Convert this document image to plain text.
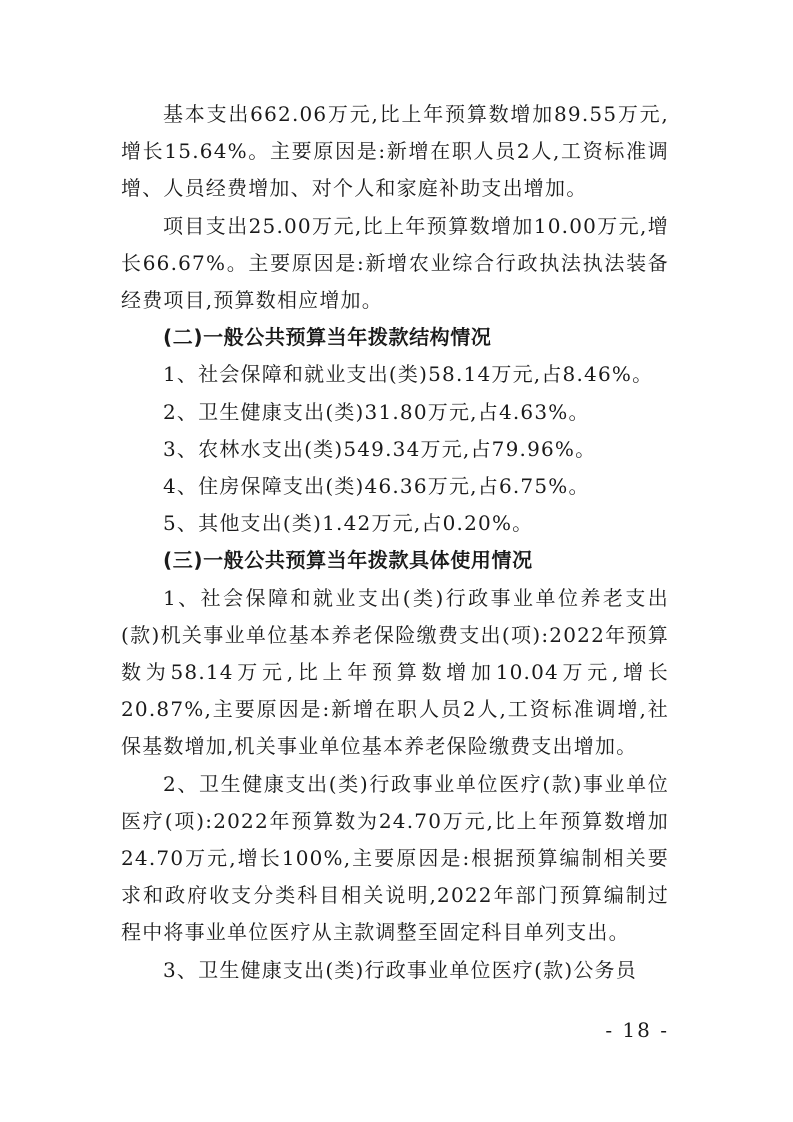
基本支出662.06万元,比上年预算数增加89.55万元,增长15.64%。主要原因是:新增在职人员2人,工资标准调增、人员经费增加、对个人和家庭补助支出增加。

项目支出25.00万元,比上年预算数增加10.00万元,增长66.67%。主要原因是:新增农业综合行政执法执法装备经费项目,预算数相应增加。

(二)一般公共预算当年拨款结构情况

1、社会保障和就业支出(类)58.14万元,占8.46%。

2、卫生健康支出(类)31.80万元,占4.63%。

3、农林水支出(类)549.34万元,占79.96%。

4、住房保障支出(类)46.36万元,占6.75%。

5、其他支出(类)1.42万元,占0.20%。

(三)一般公共预算当年拨款具体使用情况

1、社会保障和就业支出(类)行政事业单位养老支出(款)机关事业单位基本养老保险缴费支出(项):2022年预算数为58.14万元,比上年预算数增加10.04万元,增长20.87%,主要原因是:新增在职人员2人,工资标准调增,社保基数增加,机关事业单位基本养老保险缴费支出增加。

2、卫生健康支出(类)行政事业单位医疗(款)事业单位医疗(项):2022年预算数为24.70万元,比上年预算数增加24.70万元,增长100%,主要原因是:根据预算编制相关要求和政府收支分类科目相关说明,2022年部门预算编制过程中将事业单位医疗从主款调整至固定科目单列支出。

3、卫生健康支出(类)行政事业单位医疗(款)公务员

- 18 -
